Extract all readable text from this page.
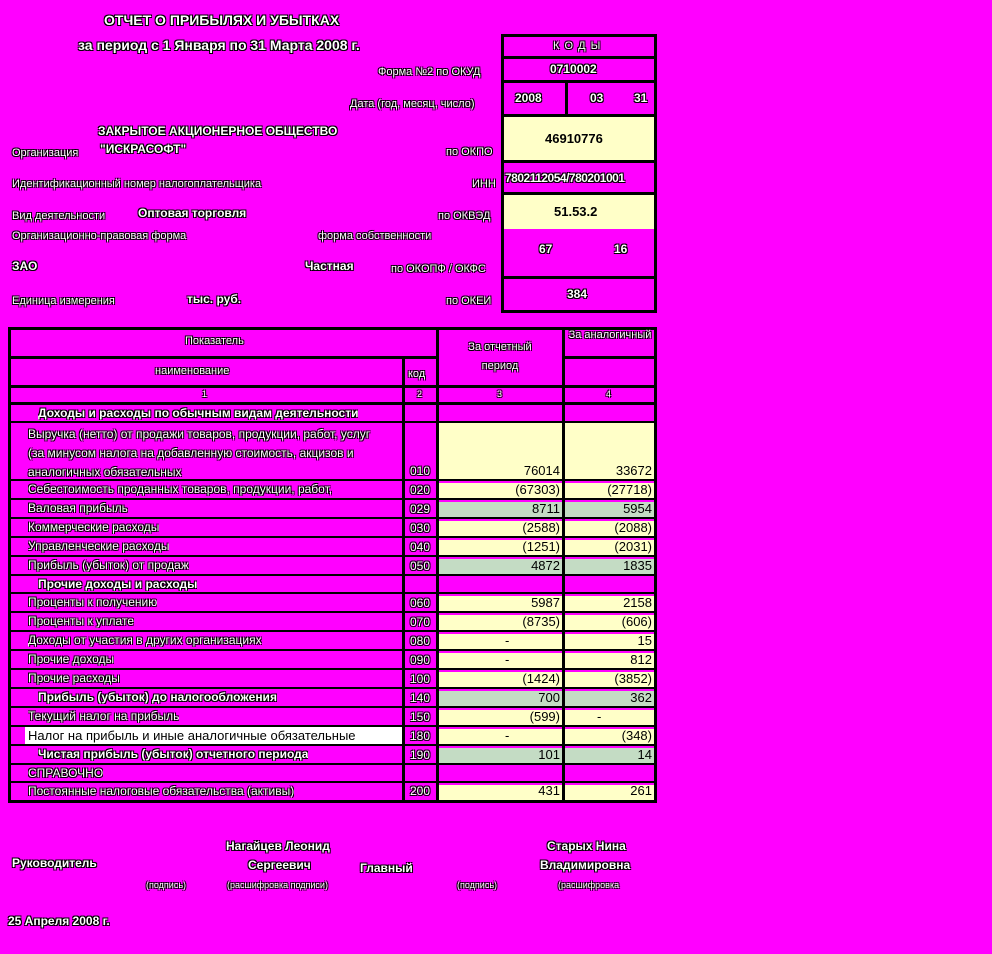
ОТЧЕТ О ПРИБЫЛЯХ И УБЫТКАХ
за период с 1 Января по 31 Марта 2008 г.	К О Д Ы
0710002
Форма №2 по ОКУД
Дата (год, месяц, число)	2008	03	31
ЗАКРЫТОЕ АКЦИОНЕРНОЕ ОБЩЕСТВО
Организация "ИСКРАСОФТ"	по ОКПО
46910776
Идентификационный номер налогоплательщика	ИНН 7802112054/780201001
Вид деятельности	Оптовая торговля	по ОКВЭД	51.53.2
Организационно-правовая форма	форма собственности
ЗАО	Частная	по ОКОПФ / ОКФС
67	16
Единица измерения	тыс. руб.	по ОКЕИ	384
Показатель
наименование	код
За отчетный период
За аналогичный
1	2	3	4
Доходы и расходы по обычным видам деятельности
Выручка (нетто) от продажи товаров, продукции, работ, услуг (за минусом налога на добавленную стоимость, акцизов и аналогичных обязательных	010	76014	33672
Себестоимость проданных товаров, продукции, работ,	020	(67303)	(27718)
Валовая прибыль	029	8711	5954
Коммерческие расходы	030	(2588)	(2088)
Управленческие расходы	040	(1251)	(2031)
Прибыль (убыток) от продаж	050	4872	1835
Прочие доходы и расходы
Проценты к получению	060	5987	2158
Проценты к уплате	070	(8735)	(606)
Доходы от участия в других организациях	080	-	15
Прочие доходы	090	-	812
Прочие расходы	100	(1424)	(3852)
Прибыль (убыток) до налогообложения	140	700	362
Текущий налог на прибыль	150	(599)	-
Налог на прибыль и иные аналогичные обязательные	180	-	(348)
Чистая прибыль (убыток) отчетного периода	190	101	14
СПРАВОЧНО
Постоянные налоговые обязательства (активы)	200	431	261
Нагайцев Леонид
Сергеевич
Руководитель	Главный
Старых Нина
Владимировна
(подпись)	(расшифровка подписи)	(подпись)	(расшифровка
25 Апреля 2008 г.
